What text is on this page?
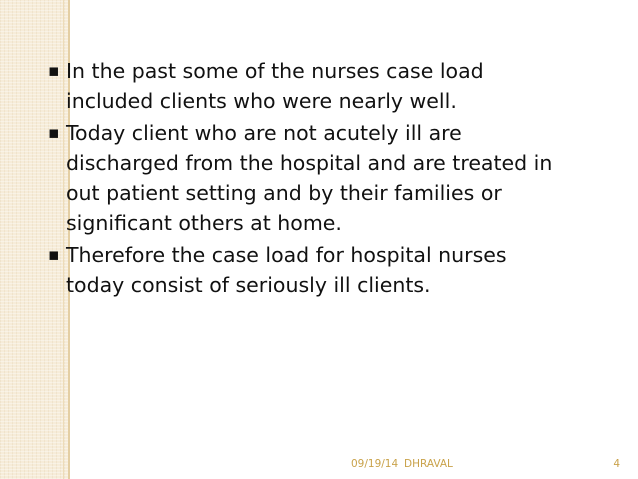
▪ In the past some of the nurses case load
included clients who were nearly well.
▪ Today client who are not acutely ill are
discharged from the hospital and are treated in
out patient setting and by their families or
significant others at home.
▪ Therefore the case load for hospital nurses
today consist of seriously ill clients.
09/19/14 DHRAVAL	4
